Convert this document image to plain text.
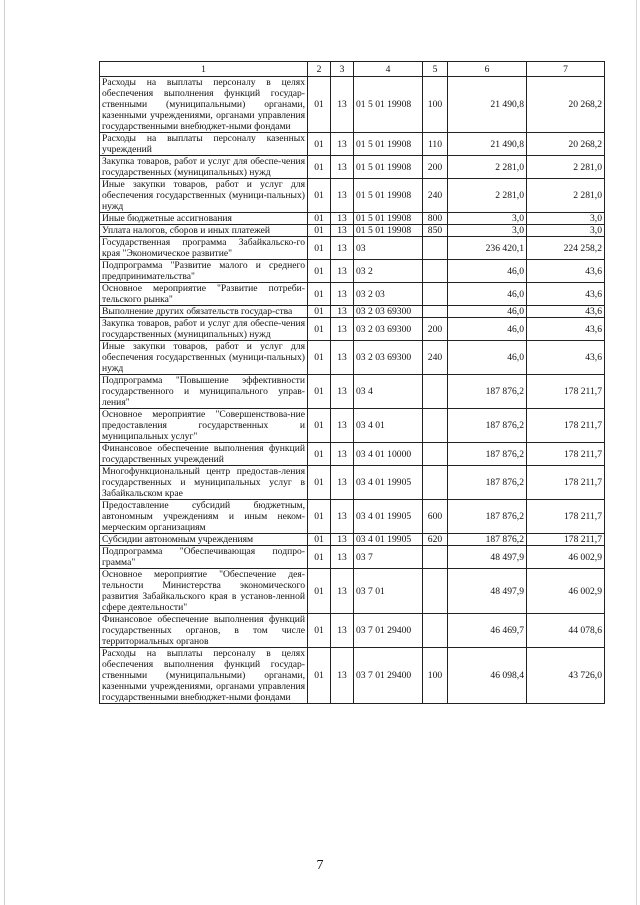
1	2	3	4	5	6	7
Расходы на выплаты персоналу в целях обеспечения выполнения функций государ-ственными (муниципальными) органами, казенными учреждениями, органами управления государственными внебюджет-ными фондами	01	13	01 5 01 19908	100	21 490,8	20 268,2
Расходы на выплаты персоналу казенных учреждений	01	13	01 5 01 19908	110	21 490,8	20 268,2
Закупка товаров, работ и услуг для обеспе-чения государственных (муниципальных) нужд	01	13	01 5 01 19908	200	2 281,0	2 281,0
Иные закупки товаров, работ и услуг для обеспечения государственных (муници-пальных) нужд	01	13	01 5 01 19908	240	2 281,0	2 281,0
Иные бюджетные ассигнования	01	13	01 5 01 19908	800	3,0	3,0
Уплата налогов, сборов и иных платежей	01	13	01 5 01 19908	850	3,0	3,0
Государственная программа Забайкальско-го края "Экономическое развитие"	01	13	03		236 420,1	224 258,2
Подпрограмма "Развитие малого и среднего предпринимательства"	01	13	03 2		46,0	43,6
Основное мероприятие "Развитие потреби-тельского рынка"	01	13	03 2 03		46,0	43,6
Выполнение других обязательств государ-ства	01	13	03 2 03 69300		46,0	43,6
Закупка товаров, работ и услуг для обеспе-чения государственных (муниципальных) нужд	01	13	03 2 03 69300	200	46,0	43,6
Иные закупки товаров, работ и услуг для обеспечения государственных (муници-пальных) нужд	01	13	03 2 03 69300	240	46,0	43,6
Подпрограмма "Повышение эффективности государственного и муниципального управ-ления"	01	13	03 4		187 876,2	178 211,7
Основное мероприятие "Совершенствова-ние предоставления государственных и муниципальных услуг"	01	13	03 4 01		187 876,2	178 211,7
Финансовое обеспечение выполнения функций государственных учреждений	01	13	03 4 01 10000		187 876,2	178 211,7
Многофункциональный центр предостав-ления государственных и муниципальных услуг в Забайкальском крае	01	13	03 4 01 19905		187 876,2	178 211,7
Предоставление субсидий бюджетным, автономным учреждениям и иным неком-мерческим организациям	01	13	03 4 01 19905	600	187 876,2	178 211,7
Субсидии автономным учреждениям	01	13	03 4 01 19905	620	187 876,2	178 211,7
Подпрограмма "Обеспечивающая подпро-грамма"	01	13	03 7		48 497,9	46 002,9
Основное мероприятие "Обеспечение дея-тельности Министерства экономического развития Забайкальского края в установ-ленной сфере деятельности"	01	13	03 7 01		48 497,9	46 002,9
Финансовое обеспечение выполнения функций государственных органов, в том числе территориальных органов	01	13	03 7 01 29400		46 469,7	44 078,6
Расходы на выплаты персоналу в целях обеспечения выполнения функций государ-ственными (муниципальными) органами, казенными учреждениями, органами управления государственными внебюджет-ными фондами	01	13	03 7 01 29400	100	46 098,4	43 726,0
7
